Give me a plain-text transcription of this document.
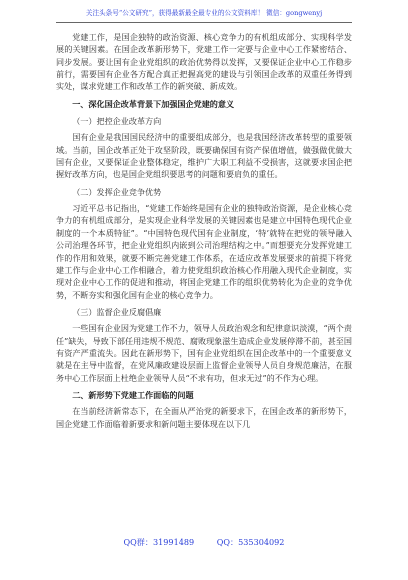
关注头条号“公文研究”，获得最新最全最专业的公文资料库！ 微信：gongwenyj

党建工作，是国企独特的政治资源、核心竞争力的有机组成部分、实现科学发展的关键因素。在国企改革新形势下，党建工作一定要与企业中心工作紧密结合、同步发展。要让国有企业党组织的政治优势得以发挥，又要保证企业中心工作稳步前行，需要国有企业各方配合真正把握高党的建设与引领国企改革的双重任务得到实处，谋求党建工作和改革工作的新突破、新成效。

一、深化国企改革背景下加强国企党建的意义
（一）把控企业改革方向

国有企业是我国国民经济中的重要组成部分，也是我国经济改革转型的重要领域。当前，国企改革正处于攻坚阶段，既要确保国有资产保值增值，做强做优做大国有企业，又要保证企业整体稳定，维护广大职工利益不受损害，这就要求国企把握好改革方向，也是国企党组织要思考的问题和要肩负的重任。

（二）发挥企业竞争优势

习近平总书记指出，“党建工作始终是国有企业的独特政治资源，是企业核心竞争力的有机组成部分，是实现企业科学发展的关键因素也是建立中国特色现代企业制度的一个本质特征”。“中国特色现代国有企业制度，‘特’就特在把党的领导融入公司治理各环节，把企业党组织内嵌到公司治理结构之中。”而想要充分发挥党建工作的作用和效果，就要不断完善党建工作体系，在适应改革发展要求的前提下将党建工作与企业中心工作相融合，着力使党组织政治核心作用融入现代企业制度，实现对企业中心工作的促进和推动，将国企党建工作的组织优势转化为企业的竞争优势，不断夯实和强化国有企业的核心竞争力。

（三）监督企业反腐倡廉

一些国有企业因为党建工作不力，领导人员政治观念和纪律意识淡漠，“两个责任”缺失，导致下部任用违规不规范、腐败现象滋生造成企业发展停滞不前，甚至国有资产严重流失。因此在新形势下，国有企业党组织在国企改革中的一个重要意义就是在主导中监督，在党风廉政建设层面上监督企业领导人员自身规范廉洁，在服务中心工作层面上杜绝企业领导人员“不求有功，但求无过”的不作为心理。

二、新形势下党建工作面临的问题

在当前经济新常态下，在全面从严治党的新要求下，在国企改革的新形势下，国企党建工作面临着新要求和新问题主要体现在以下几

QQ群：31991489	QQ：535304092
